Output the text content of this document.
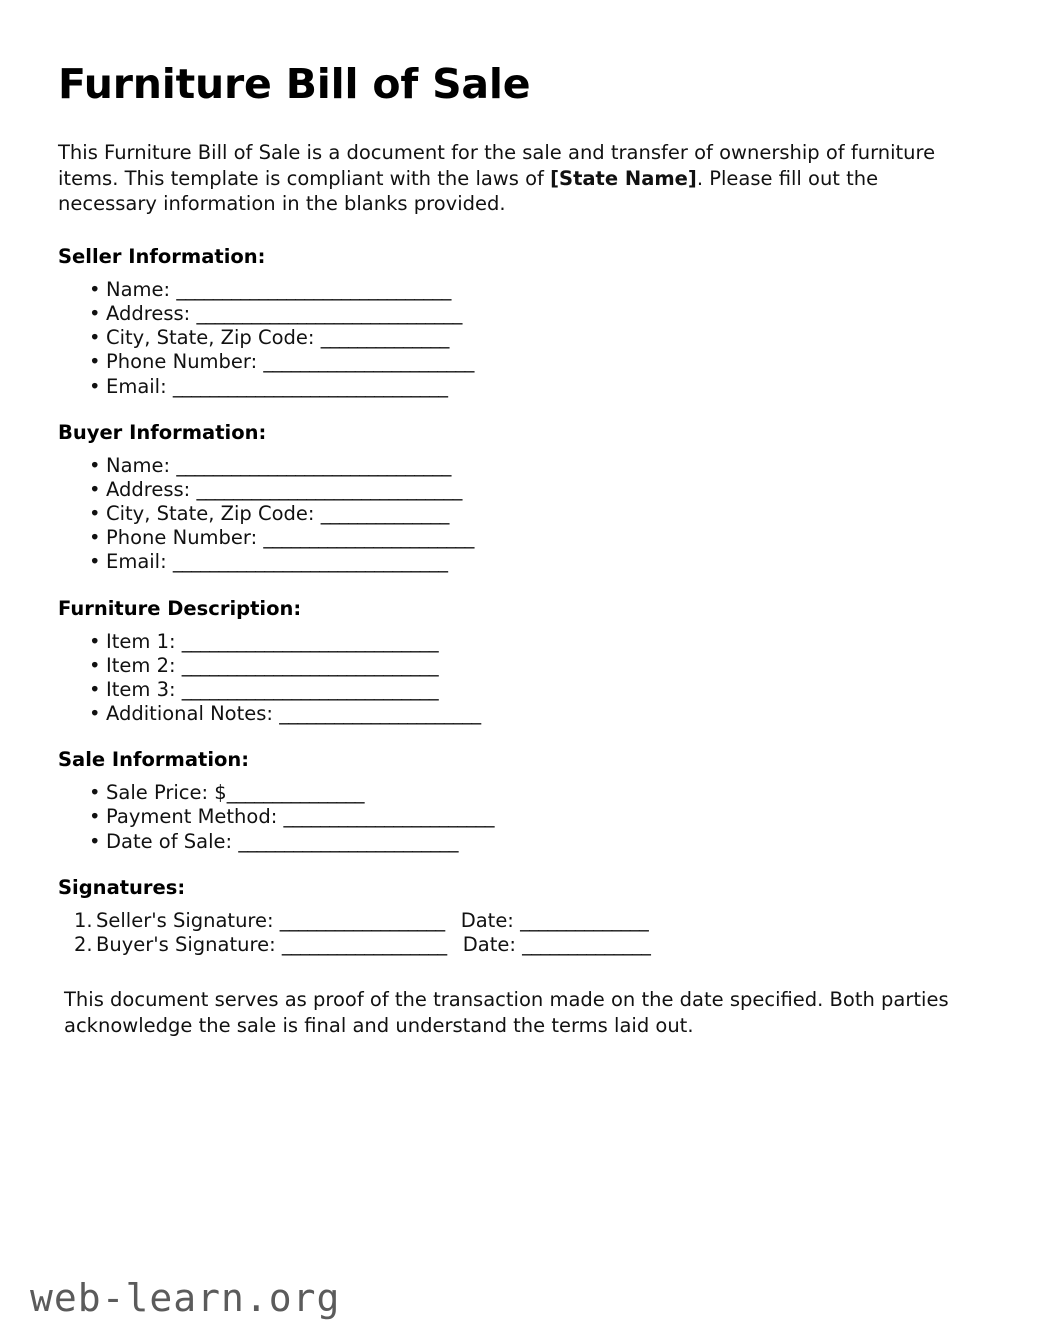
Furniture Bill of Sale

This Furniture Bill of Sale is a document for the sale and transfer of ownership of furniture items. This template is compliant with the laws of [State Name]. Please fill out the necessary information in the blanks provided.

Seller Information:
• Name: ______________________________
• Address: _____________________________
• City, State, Zip Code: ______________
• Phone Number: _______________________
• Email: ______________________________
Buyer Information:
• Name: ______________________________
• Address: _____________________________
• City, State, Zip Code: ______________
• Phone Number: _______________________
• Email: ______________________________
Furniture Description:
• Item 1: ____________________________
• Item 2: ____________________________
• Item 3: ____________________________
• Additional Notes: ______________________
Sale Information:
• Sale Price: $_______________
• Payment Method: _______________________
• Date of Sale: ________________________
Signatures:
Seller's Signature: __________________ Date: ______________
Buyer's Signature: __________________ Date: ______________

This document serves as proof of the transaction made on the date specified. Both parties acknowledge the sale is final and understand the terms laid out.

web-learn.org
